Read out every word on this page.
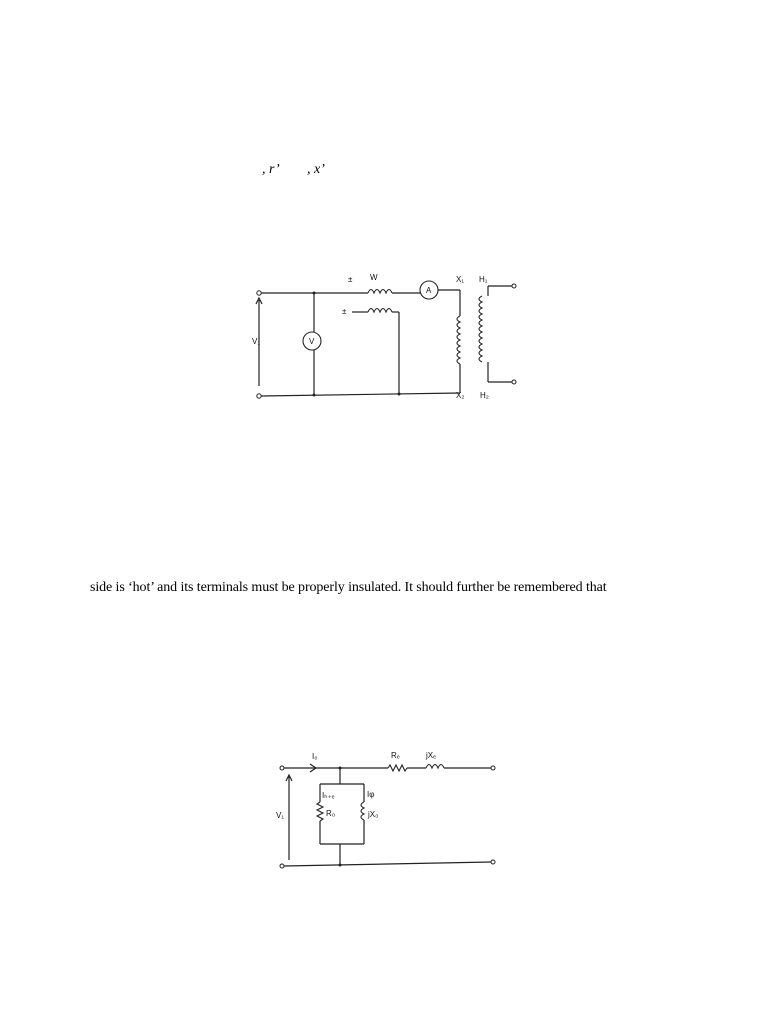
, r’ , x’
± W
±
A
V
V₁
X₁ H₁
X₂ H₂
side is ‘hot’ and its terminals must be properly insulated. It should further be remembered that
I₀	Rₑ	jXₑ
Iₕ₊ₑ	Iφ
V₁	R₀	jX₀
